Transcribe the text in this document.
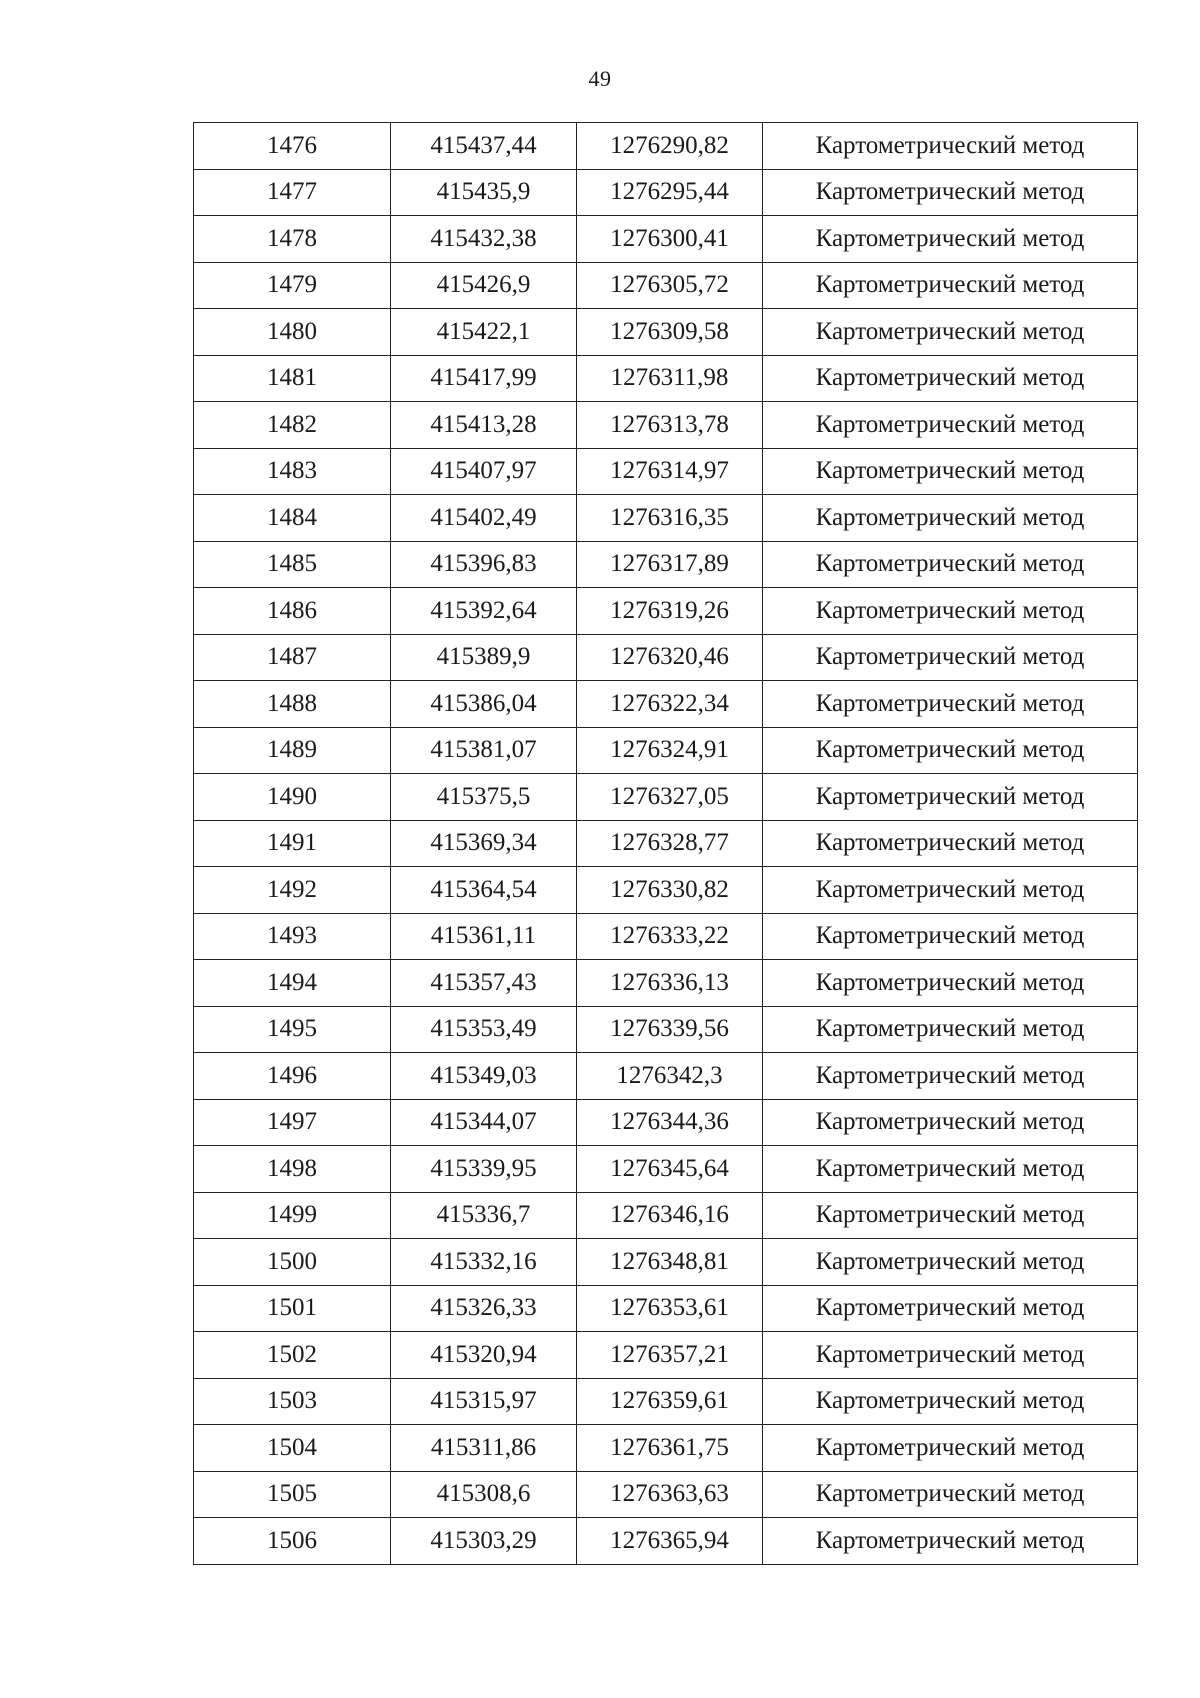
49
1476	415437,44	1276290,82	Картометрический метод
1477	415435,9	1276295,44	Картометрический метод
1478	415432,38	1276300,41	Картометрический метод
1479	415426,9	1276305,72	Картометрический метод
1480	415422,1	1276309,58	Картометрический метод
1481	415417,99	1276311,98	Картометрический метод
1482	415413,28	1276313,78	Картометрический метод
1483	415407,97	1276314,97	Картометрический метод
1484	415402,49	1276316,35	Картометрический метод
1485	415396,83	1276317,89	Картометрический метод
1486	415392,64	1276319,26	Картометрический метод
1487	415389,9	1276320,46	Картометрический метод
1488	415386,04	1276322,34	Картометрический метод
1489	415381,07	1276324,91	Картометрический метод
1490	415375,5	1276327,05	Картометрический метод
1491	415369,34	1276328,77	Картометрический метод
1492	415364,54	1276330,82	Картометрический метод
1493	415361,11	1276333,22	Картометрический метод
1494	415357,43	1276336,13	Картометрический метод
1495	415353,49	1276339,56	Картометрический метод
1496	415349,03	1276342,3	Картометрический метод
1497	415344,07	1276344,36	Картометрический метод
1498	415339,95	1276345,64	Картометрический метод
1499	415336,7	1276346,16	Картометрический метод
1500	415332,16	1276348,81	Картометрический метод
1501	415326,33	1276353,61	Картометрический метод
1502	415320,94	1276357,21	Картометрический метод
1503	415315,97	1276359,61	Картометрический метод
1504	415311,86	1276361,75	Картометрический метод
1505	415308,6	1276363,63	Картометрический метод
1506	415303,29	1276365,94	Картометрический метод
